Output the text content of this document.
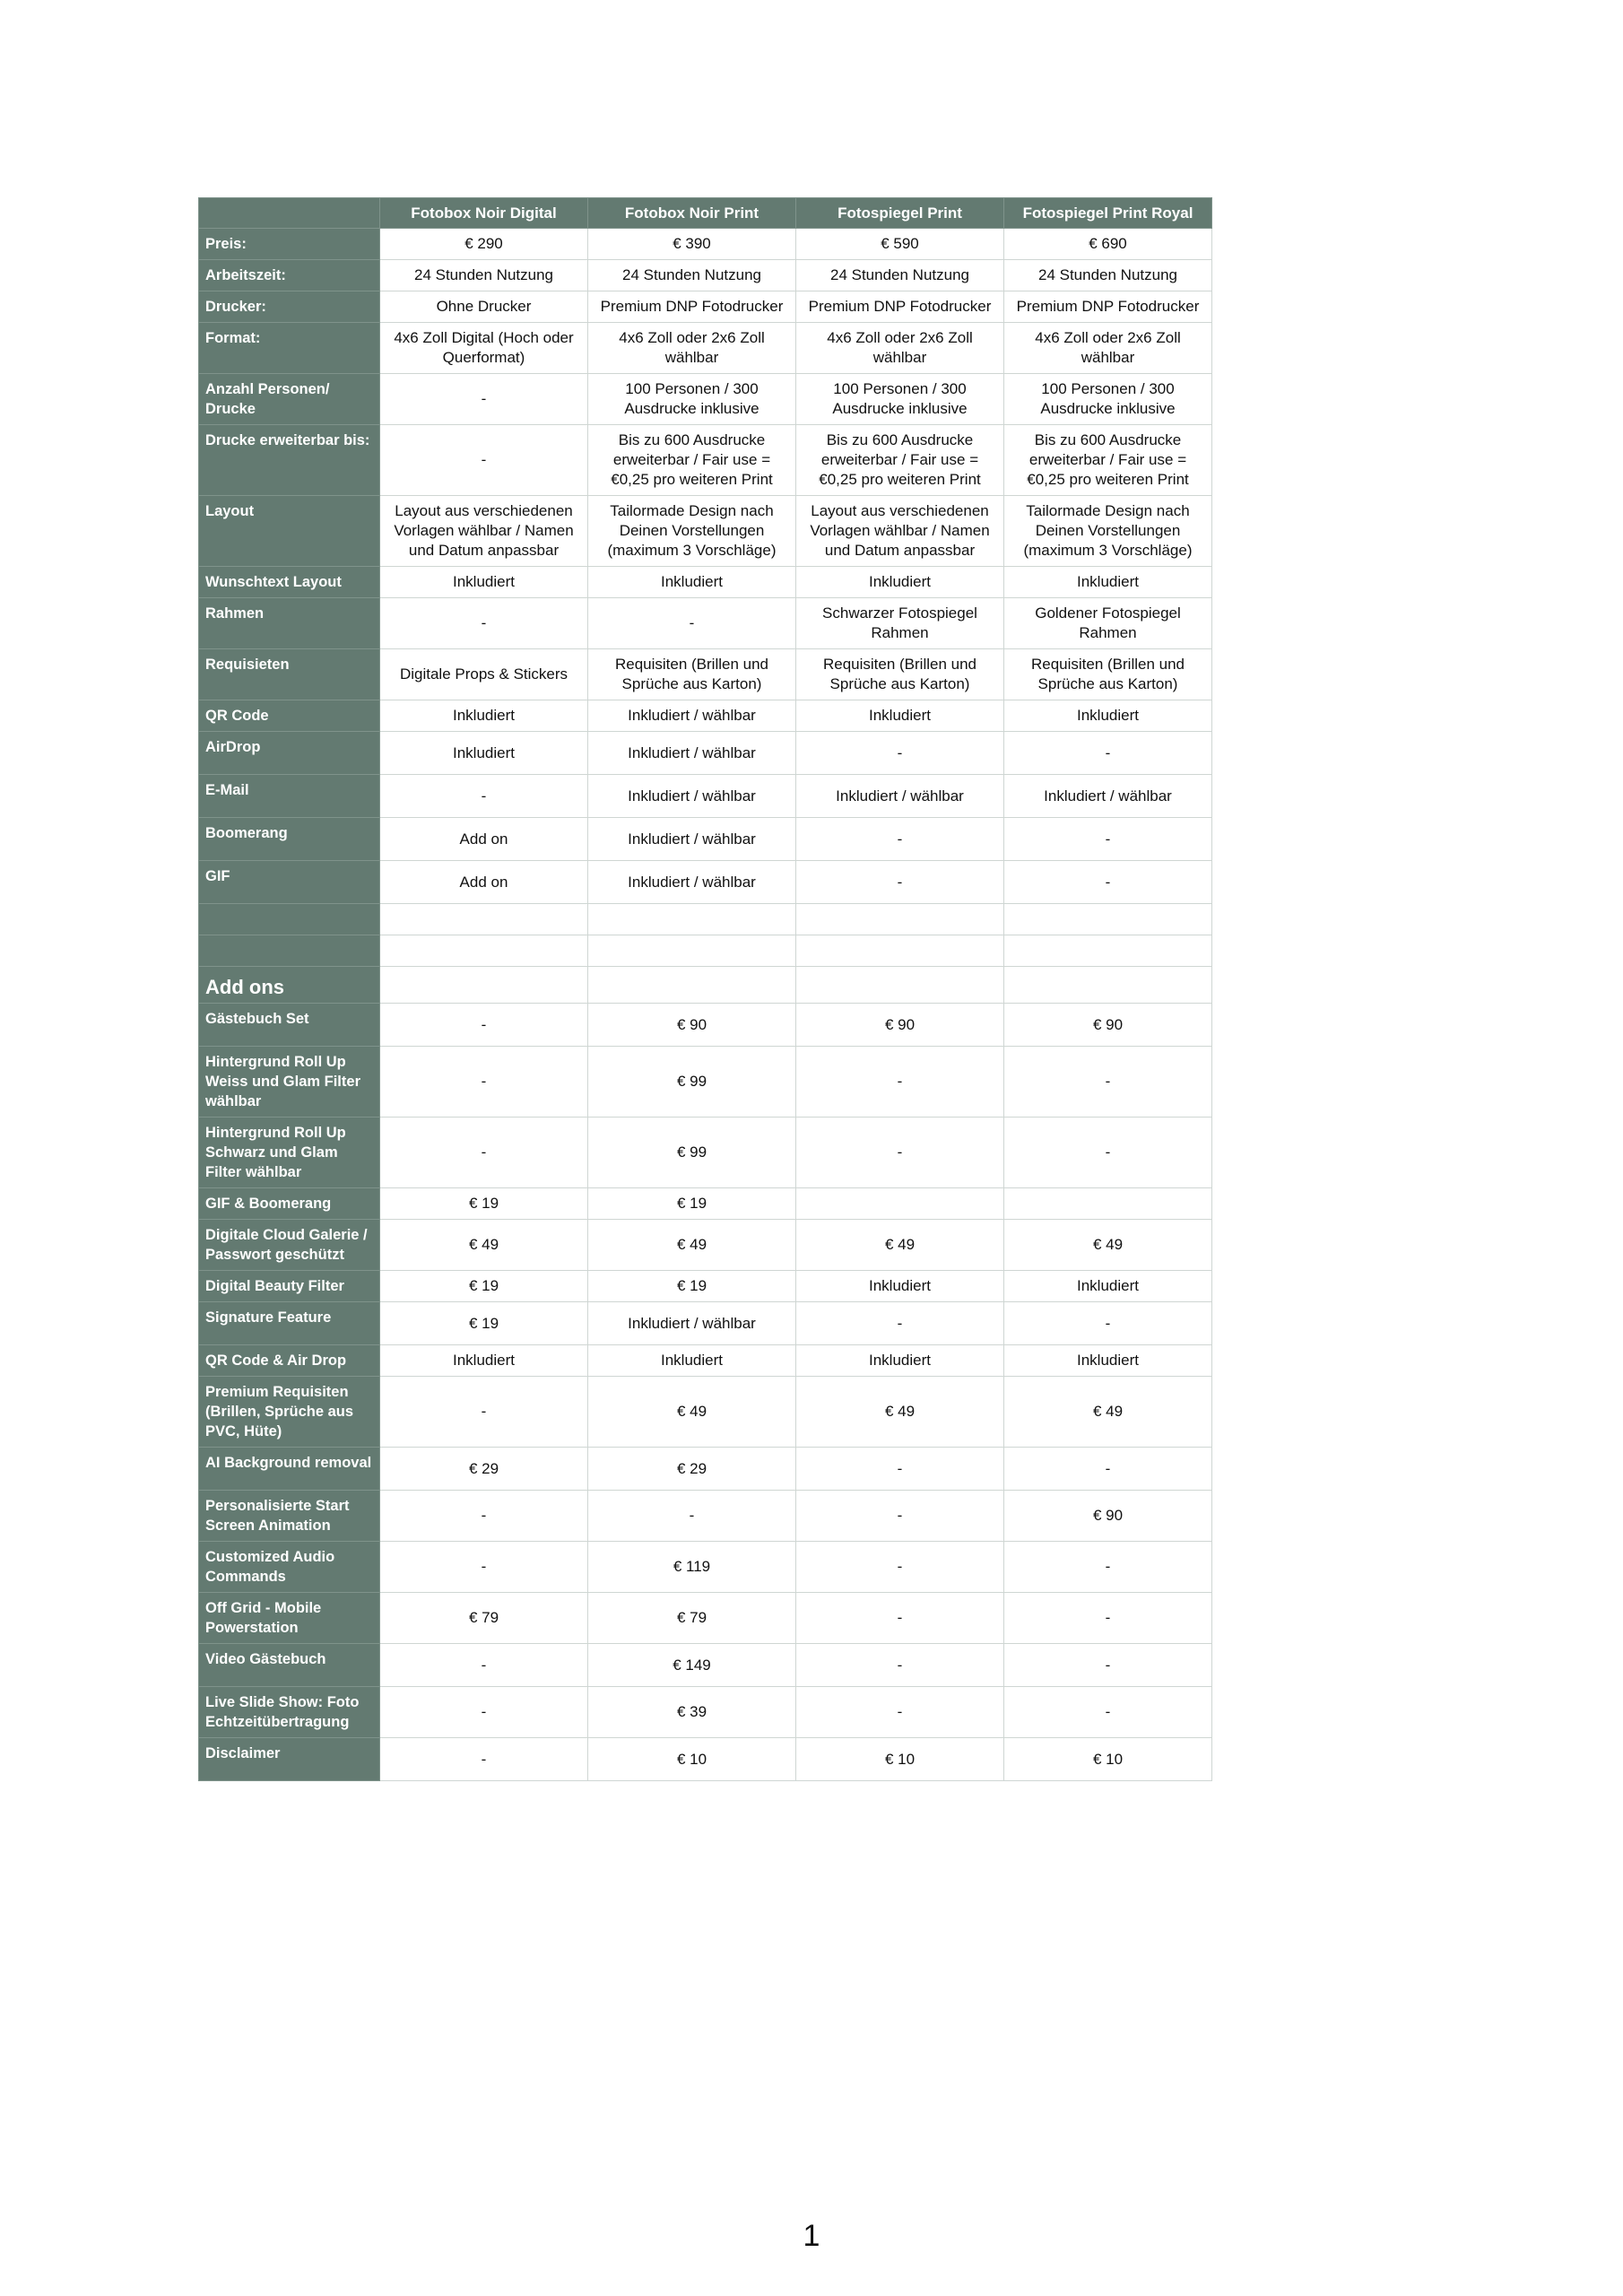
	Fotobox Noir Digital	Fotobox Noir Print	Fotospiegel Print	Fotospiegel Print Royal
Preis:	€ 290	€ 390	€ 590	€ 690
Arbeitszeit:	24 Stunden Nutzung	24 Stunden Nutzung	24 Stunden Nutzung	24 Stunden Nutzung
Drucker:	Ohne Drucker	Premium DNP Fotodrucker	Premium DNP Fotodrucker	Premium DNP Fotodrucker
Format:	4x6 Zoll Digital (Hoch oder Querformat)	4x6 Zoll oder 2x6 Zoll wählbar	4x6 Zoll oder 2x6 Zoll wählbar	4x6 Zoll oder 2x6 Zoll wählbar
Anzahl Personen/ Drucke	-	100 Personen / 300 Ausdrucke inklusive	100 Personen / 300 Ausdrucke inklusive	100 Personen / 300 Ausdrucke inklusive
Drucke erweiterbar bis:	-	Bis zu 600 Ausdrucke erweiterbar / Fair use = €0,25 pro weiteren Print	Bis zu 600 Ausdrucke erweiterbar / Fair use = €0,25 pro weiteren Print	Bis zu 600 Ausdrucke erweiterbar / Fair use = €0,25 pro weiteren Print
Layout	Layout aus verschiedenen Vorlagen wählbar / Namen und Datum anpassbar	Tailormade Design nach Deinen Vorstellungen (maximum 3 Vorschläge)	Layout aus verschiedenen Vorlagen wählbar / Namen und Datum anpassbar	Tailormade Design nach Deinen Vorstellungen (maximum 3 Vorschläge)
Wunschtext Layout	Inkludiert	Inkludiert	Inkludiert	Inkludiert
Rahmen	-	-	Schwarzer Fotospiegel Rahmen	Goldener Fotospiegel Rahmen
Requisieten	Digitale Props & Stickers	Requisiten (Brillen und Sprüche aus Karton)	Requisiten (Brillen und Sprüche aus Karton)	Requisiten (Brillen und Sprüche aus Karton)
QR Code	Inkludiert	Inkludiert / wählbar	Inkludiert	Inkludiert
AirDrop	Inkludiert	Inkludiert / wählbar	-	-
E-Mail	-	Inkludiert / wählbar	Inkludiert / wählbar	Inkludiert / wählbar
Boomerang	Add on	Inkludiert / wählbar	-	-
GIF	Add on	Inkludiert / wählbar	-	-

Add ons				
Gästebuch Set	-	€ 90	€ 90	€ 90
Hintergrund Roll Up Weiss und Glam Filter wählbar	-	€ 99	-	-
Hintergrund Roll Up Schwarz und Glam Filter wählbar	-	€ 99	-	-
GIF & Boomerang	€ 19	€ 19		
Digitale Cloud Galerie / Passwort geschützt	€ 49	€ 49	€ 49	€ 49
Digital Beauty Filter	€ 19	€ 19	Inkludiert	Inkludiert
Signature Feature	€ 19	Inkludiert / wählbar	-	-
QR Code & Air Drop	Inkludiert	Inkludiert	Inkludiert	Inkludiert
Premium Requisiten (Brillen, Sprüche aus PVC, Hüte)	-	€ 49	€ 49	€ 49
AI Background removal	€ 29	€ 29	-	-
Personalisierte Start Screen Animation	-	-	-	€ 90
Customized Audio Commands	-	€ 119	-	-
Off Grid - Mobile Powerstation	€ 79	€ 79	-	-
Video Gästebuch	-	€ 149	-	-
Live Slide Show: Foto Echtzeitübertragung	-	€ 39	-	-
Disclaimer	-	€ 10	€ 10	€ 10
1
